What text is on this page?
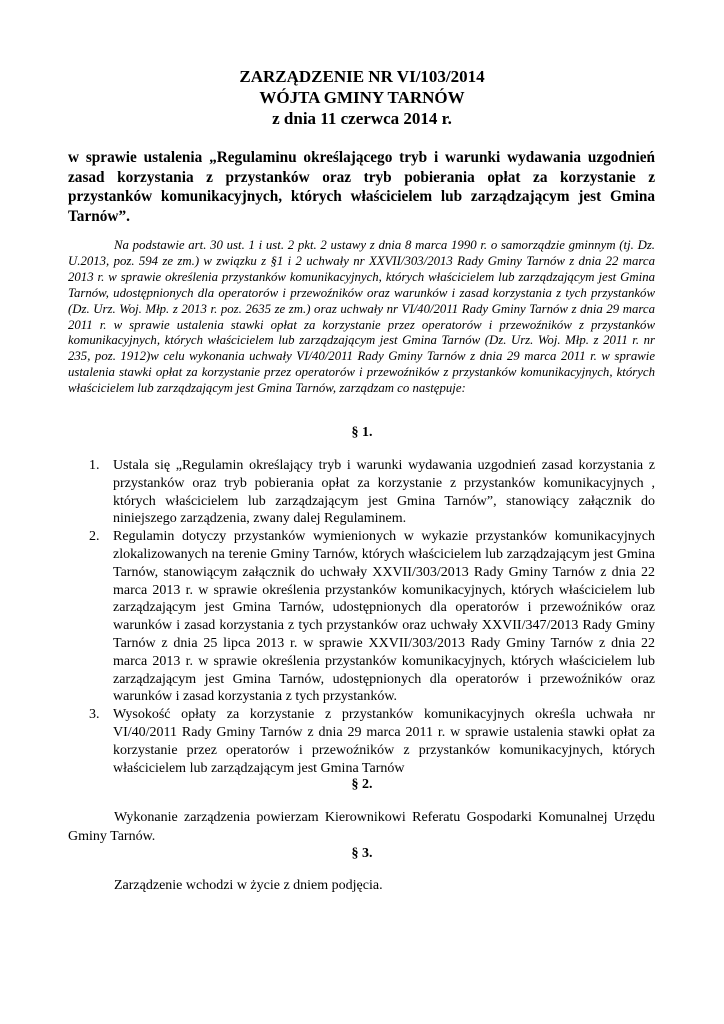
ZARZĄDZENIE NR VI/103/2014
WÓJTA GMINY TARNÓW
z dnia 11 czerwca 2014 r.

w sprawie ustalenia „Regulaminu określającego tryb i warunki wydawania uzgodnień zasad korzystania z przystanków oraz tryb pobierania opłat za korzystanie z przystanków komunikacyjnych, których właścicielem lub zarządzającym jest Gmina Tarnów”.

Na podstawie art. 30 ust. 1 i ust. 2 pkt. 2 ustawy z dnia 8 marca 1990 r. o samorządzie gminnym (tj. Dz. U.2013, poz. 594 ze zm.) w związku z §1 i 2 uchwały nr XXVII/303/2013 Rady Gminy Tarnów z dnia 22 marca 2013 r. w sprawie określenia przystanków komunikacyjnych, których właścicielem lub zarządzającym jest Gmina Tarnów, udostępnionych dla operatorów i przewoźników oraz warunków i zasad korzystania z tych przystanków (Dz. Urz. Woj. Młp. z 2013 r. poz. 2635 ze zm.) oraz uchwały nr VI/40/2011 Rady Gminy Tarnów z dnia 29 marca 2011 r. w sprawie ustalenia stawki opłat za korzystanie przez operatorów i przewoźników z przystanków komunikacyjnych, których właścicielem lub zarządzającym jest Gmina Tarnów (Dz. Urz. Woj. Młp. z 2011 r. nr 235, poz. 1912)w celu wykonania uchwały VI/40/2011 Rady Gminy Tarnów z dnia 29 marca 2011 r. w sprawie ustalenia stawki opłat za korzystanie przez operatorów i przewoźników z przystanków komunikacyjnych, których właścicielem lub zarządzającym jest Gmina Tarnów, zarządzam co następuje:

§ 1.
1. Ustala się „Regulamin określający tryb i warunki wydawania uzgodnień zasad korzystania z przystanków oraz tryb pobierania opłat za korzystanie z przystanków komunikacyjnych , których właścicielem lub zarządzającym jest Gmina Tarnów”, stanowiący załącznik do niniejszego zarządzenia, zwany dalej Regulaminem.
2. Regulamin dotyczy przystanków wymienionych w wykazie przystanków komunikacyjnych zlokalizowanych na terenie Gminy Tarnów, których właścicielem lub zarządzającym jest Gmina Tarnów, stanowiącym załącznik do uchwały XXVII/303/2013 Rady Gminy Tarnów z dnia 22 marca 2013 r. w sprawie określenia przystanków komunikacyjnych, których właścicielem lub zarządzającym jest Gmina Tarnów, udostępnionych dla operatorów i przewoźników oraz warunków i zasad korzystania z tych przystanków oraz uchwały XXVII/347/2013 Rady Gminy Tarnów z dnia 25 lipca 2013 r. w sprawie XXVII/303/2013 Rady Gminy Tarnów z dnia 22 marca 2013 r. w sprawie określenia przystanków komunikacyjnych, których właścicielem lub zarządzającym jest Gmina Tarnów, udostępnionych dla operatorów i przewoźników oraz warunków i zasad korzystania z tych przystanków.
3. Wysokość opłaty za korzystanie z przystanków komunikacyjnych określa uchwała nr VI/40/2011 Rady Gminy Tarnów z dnia 29 marca 2011 r. w sprawie ustalenia stawki opłat za korzystanie przez operatorów i przewoźników z przystanków komunikacyjnych, których właścicielem lub zarządzającym jest Gmina Tarnów
§ 2.

Wykonanie zarządzenia powierzam Kierownikowi Referatu Gospodarki Komunalnej Urzędu Gminy Tarnów.

§ 3.

Zarządzenie wchodzi w życie z dniem podjęcia.
